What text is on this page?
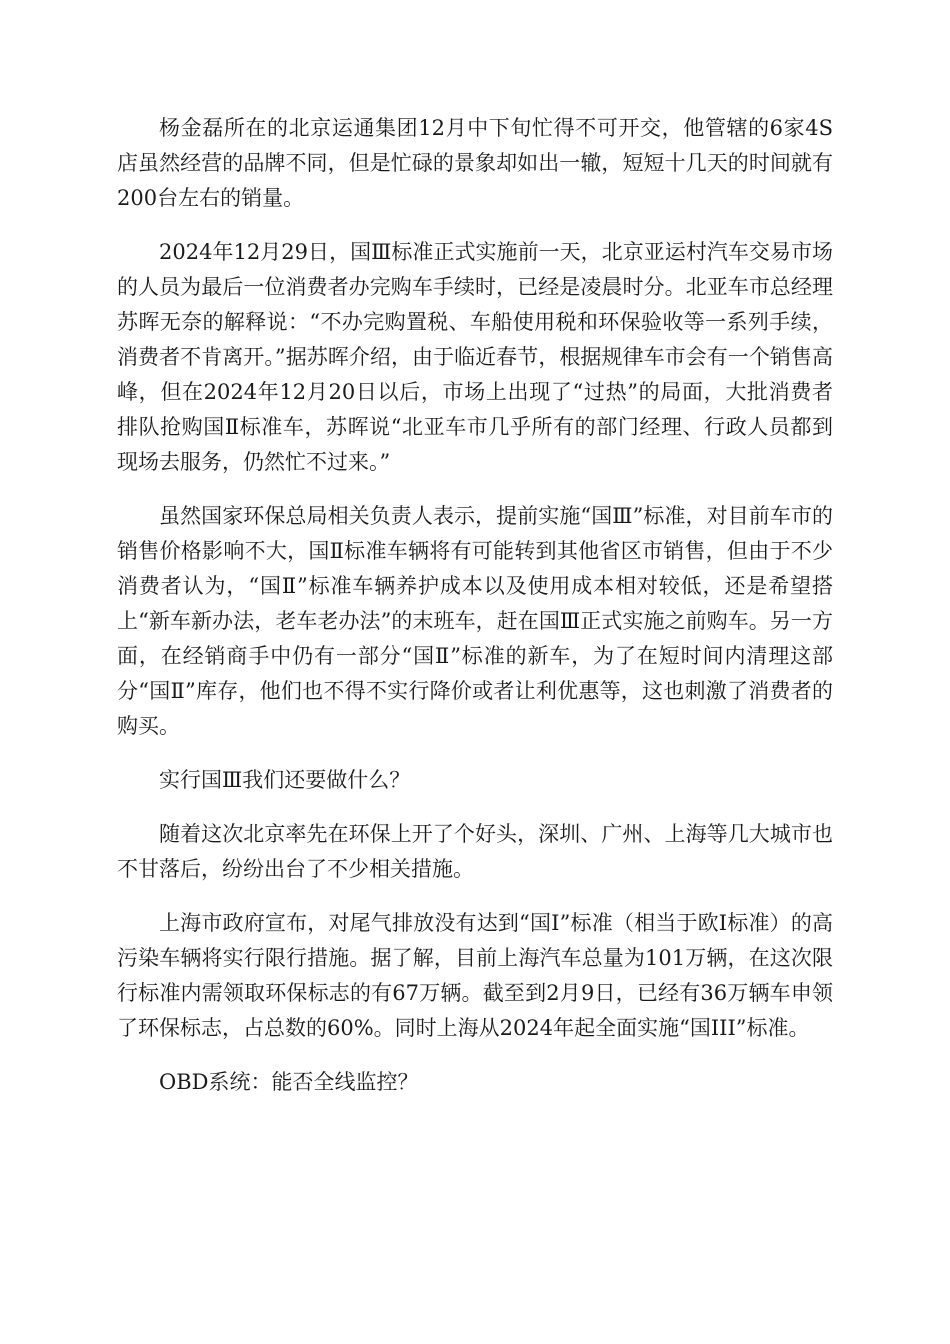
杨金磊所在的北京运通集团12月中下旬忙得不可开交，他管辖的6家4S店虽然经营的品牌不同，但是忙碌的景象却如出一辙，短短十几天的时间就有200台左右的销量。

2024年12月29日，国Ⅲ标准正式实施前一天，北京亚运村汽车交易市场的人员为最后一位消费者办完购车手续时，已经是凌晨时分。北亚车市总经理苏晖无奈的解释说：“不办完购置税、车船使用税和环保验收等一系列手续，消费者不肯离开。”据苏晖介绍，由于临近春节，根据规律车市会有一个销售高峰，但在2024年12月20日以后，市场上出现了“过热”的局面，大批消费者排队抢购国Ⅱ标准车，苏晖说“北亚车市几乎所有的部门经理、行政人员都到现场去服务，仍然忙不过来。”

虽然国家环保总局相关负责人表示，提前实施“国Ⅲ”标准，对目前车市的销售价格影响不大，国Ⅱ标准车辆将有可能转到其他省区市销售，但由于不少消费者认为，“国Ⅱ”标准车辆养护成本以及使用成本相对较低，还是希望搭上“新车新办法，老车老办法”的末班车，赶在国Ⅲ正式实施之前购车。另一方面，在经销商手中仍有一部分“国Ⅱ”标准的新车，为了在短时间内清理这部分“国Ⅱ”库存，他们也不得不实行降价或者让利优惠等，这也刺激了消费者的购买。

实行国Ⅲ我们还要做什么？

随着这次北京率先在环保上开了个好头，深圳、广州、上海等几大城市也不甘落后，纷纷出台了不少相关措施。

上海市政府宣布，对尾气排放没有达到“国Ⅰ”标准（相当于欧Ⅰ标准）的高污染车辆将实行限行措施。据了解，目前上海汽车总量为101万辆，在这次限行标准内需领取环保标志的有67万辆。截至到2月9日，已经有36万辆车申领了环保标志，占总数的60%。同时上海从2024年起全面实施“国III”标准。

OBD系统：能否全线监控？
